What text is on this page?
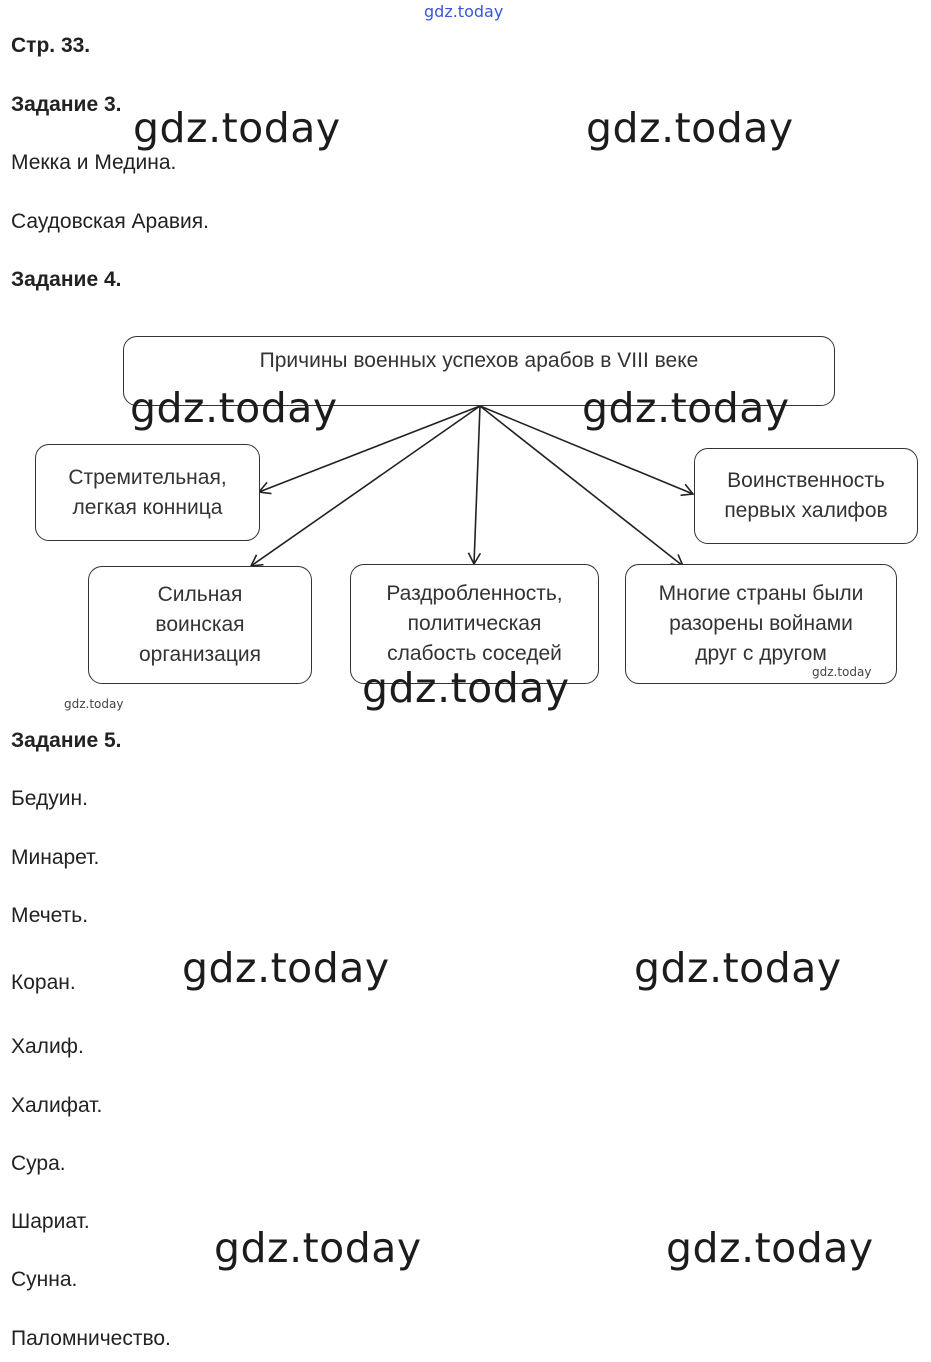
gdz.today
Стр. 33.
Задание 3.
Мекка и Медина.
Саудовская Аравия.
Задание 4.
Причины военных успехов арабов в VIII веке
Стремительная,
легкая конница
Воинственность
первых халифов
Сильная
воинская
организация
Раздробленность,
политическая
слабость соседей
Многие страны были
разорены войнами
друг с другом
Задание 5.
Бедуин.
Минарет.
Мечеть.
Коран.
Халиф.
Халифат.
Сура.
Шариат.
Сунна.
Паломничество.
gdz.today	gdz.today
gdz.today	gdz.today
gdz.today
gdz.today	gdz.today
gdz.today	gdz.today
gdz.today
gdz.today
